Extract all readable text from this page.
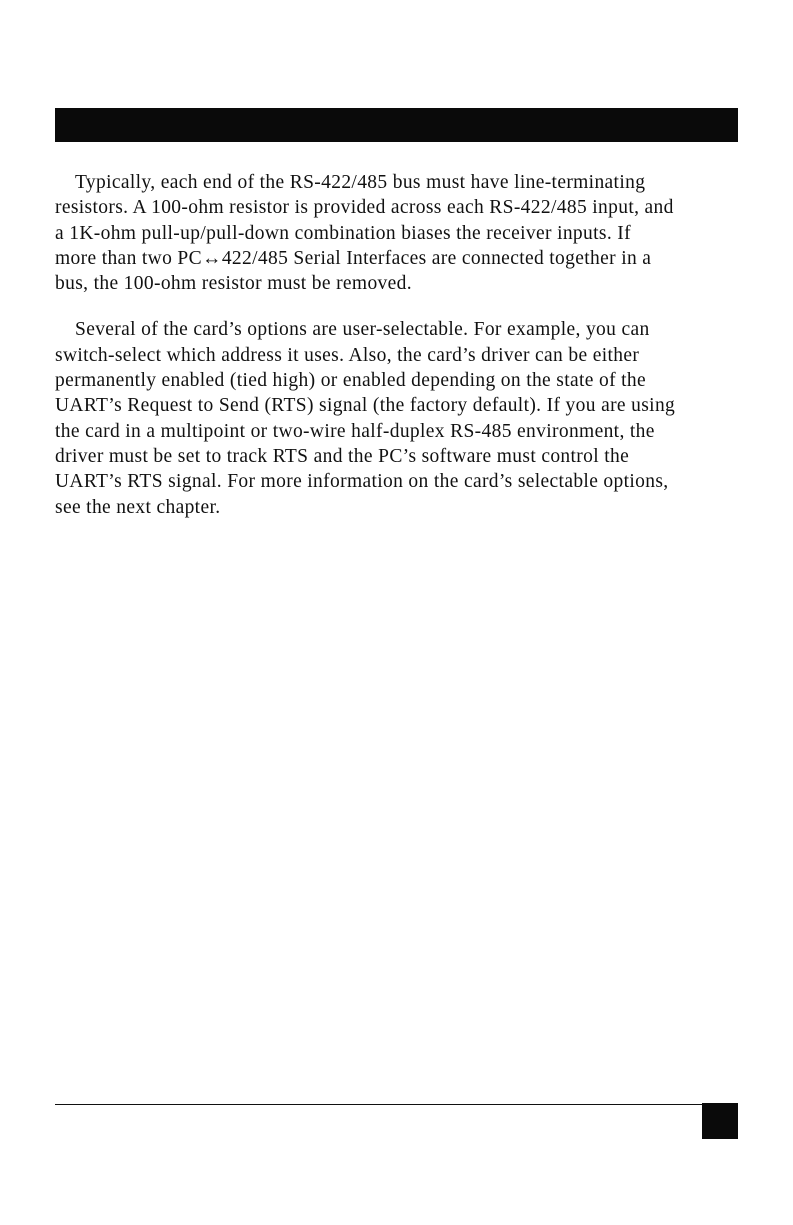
Typically, each end of the RS-422/485 bus must have line-terminating
resistors. A 100-ohm resistor is provided across each RS-422/485 input, and
a 1K-ohm pull-up/pull-down combination biases the receiver inputs. If
more than two PC↔422/485 Serial Interfaces are connected together in a
bus, the 100-ohm resistor must be removed.

Several of the card’s options are user-selectable. For example, you can
switch-select which address it uses. Also, the card’s driver can be either
permanently enabled (tied high) or enabled depending on the state of the
UART’s Request to Send (RTS) signal (the factory default). If you are using
the card in a multipoint or two-wire half-duplex RS-485 environment, the
driver must be set to track RTS and the PC’s software must control the
UART’s RTS signal. For more information on the card’s selectable options,
see the next chapter.
